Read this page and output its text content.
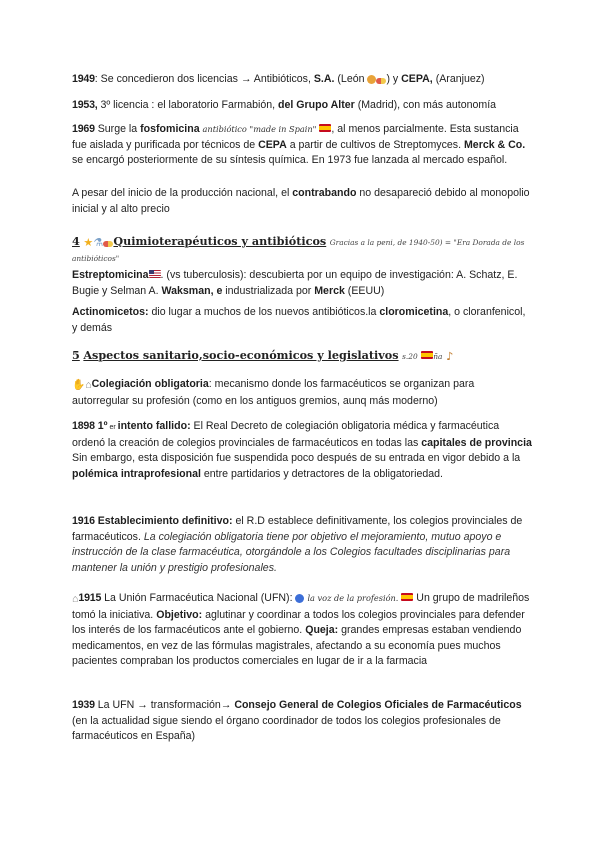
1949: Se concedieron dos licencias → Antibióticos, S.A. (León ) y CEPA, (Aranjuez)

1953, 3º licencia : el laboratorio Farmabión, del Grupo Alter (Madrid), con más autonomía

1969 Surge la fosfomicina antibiótico "made in Spain" , al menos parcialmente. Esta sustancia fue aislada y purificada por técnicos de CEPA a partir de cultivos de Streptomyces. Merck & Co. se encargó posteriormente de su síntesis química. En 1973 fue lanzada al mercado español.

A pesar del inicio de la producción nacional, el contrabando no desapareció debido al monopolio inicial y al alto precio

4 ★⚗ Quimioterapéuticos y antibióticos Gracias a la peni, de 1940-50) = "Era Dorada de los antibióticos"

Estreptomicina . (vs tuberculosis): descubierta por un equipo de investigación: A. Schatz, E. Bugie y Selman A. Waksman, e industrializada por Merck (EEUU)

Actinomicetos: dio lugar a muchos de los nuevos antibióticos.la cloromicetina, o cloranfenicol, y demás

5 Aspectos sanitario,socio-económicos y legislativos s.20 ña ♪

✋⌂Colegiación obligatoria: mecanismo donde los farmacéuticos se organizan para autorregular su profesión (como en los antiguos gremios, aunq más moderno)

1898 1º er intento fallido: El Real Decreto de colegiación obligatoria médica y farmacéutica ordenó la creación de colegios provinciales de farmacéuticos en todas las capitales de provincia Sin embargo, esta disposición fue suspendida poco después de su entrada en vigor debido a la polémica intraprofesional entre partidarios y detractores de la obligatoriedad.

1916 Establecimiento definitivo: el R.D establece definitivamente, los colegios provinciales de farmacéuticos. La colegiación obligatoria tiene por objetivo el mejoramiento, mutuo apoyo e instrucción de la clase farmacéutica, otorgándole a los Colegios facultades disciplinarias para mantener la unión y prestigio profesionales.

⌂1915 La Unión Farmacéutica Nacional (UFN):  la voz de la profesión.  Un grupo de madrileños tomó la iniciativa. Objetivo: aglutinar y coordinar a todos los colegios provinciales para defender los interés de los farmacéuticos ante el gobierno. Queja: grandes empresas estaban vendiendo medicamentos, en vez de las fórmulas magistrales, afectando a su economía pues muchos pacientes compraban los productos comerciales en lugar de ir a la farmacia

1939 La UFN → transformación→ Consejo General de Colegios Oficiales de Farmacéuticos (en la actualidad sigue siendo el órgano coordinador de todos los colegios profesionales de farmacéuticos en España)
